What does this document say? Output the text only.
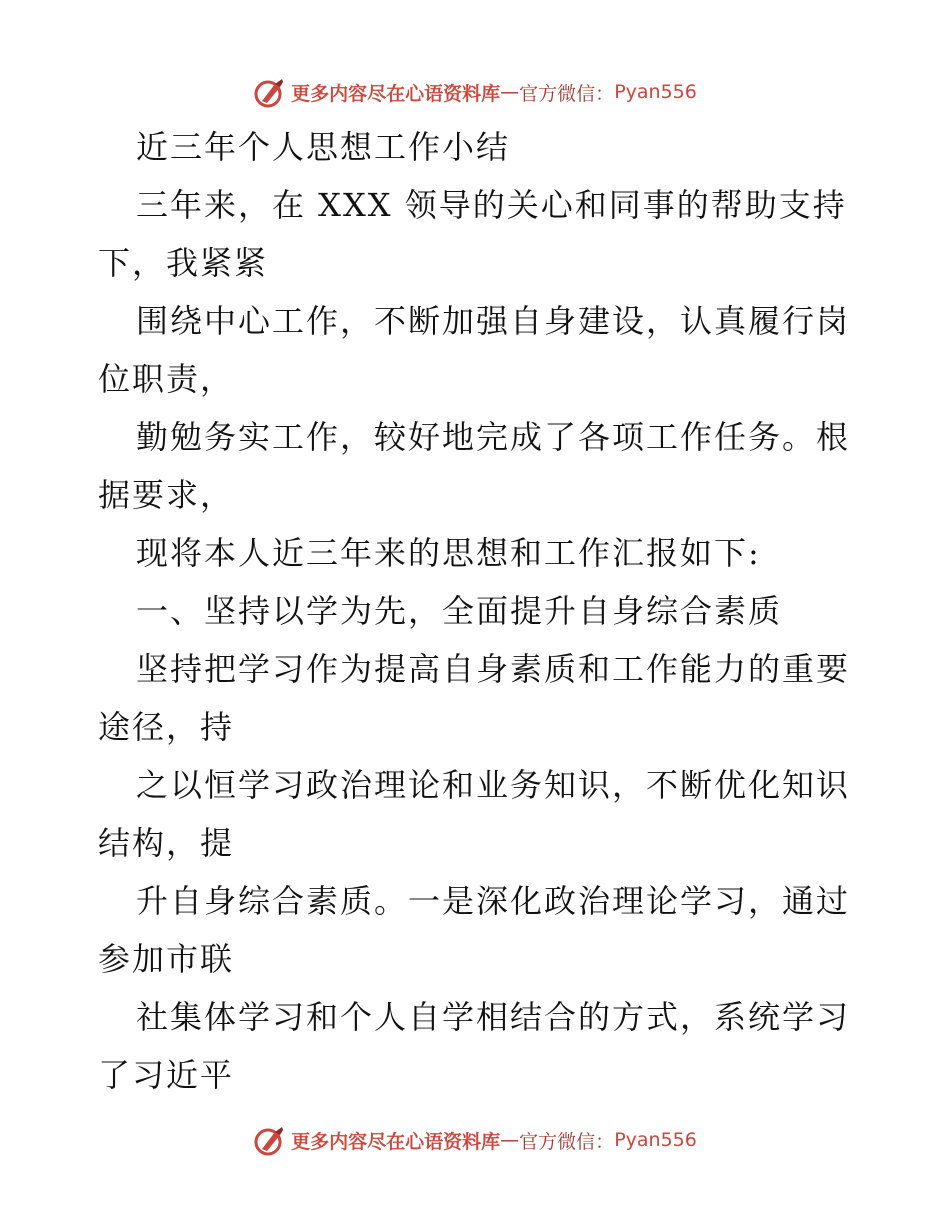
更多内容尽在心语资料库 — 官方微信： Pyan556
近三年个人思想工作小结
三年来，在 XXX 领导的关心和同事的帮助支持
下，我紧紧
围绕中心工作，不断加强自身建设，认真履行岗
位职责，
勤勉务实工作，较好地完成了各项工作任务。根
据要求，
现将本人近三年来的思想和工作汇报如下:
一、坚持以学为先，全面提升自身综合素质
坚持把学习作为提高自身素质和工作能力的重要
途径，持
之以恒学习政治理论和业务知识，不断优化知识
结构，提
升自身综合素质。一是深化政治理论学习，通过
参加市联
社集体学习和个人自学相结合的方式，系统学习
了习近平
更多内容尽在心语资料库 — 官方微信： Pyan556
